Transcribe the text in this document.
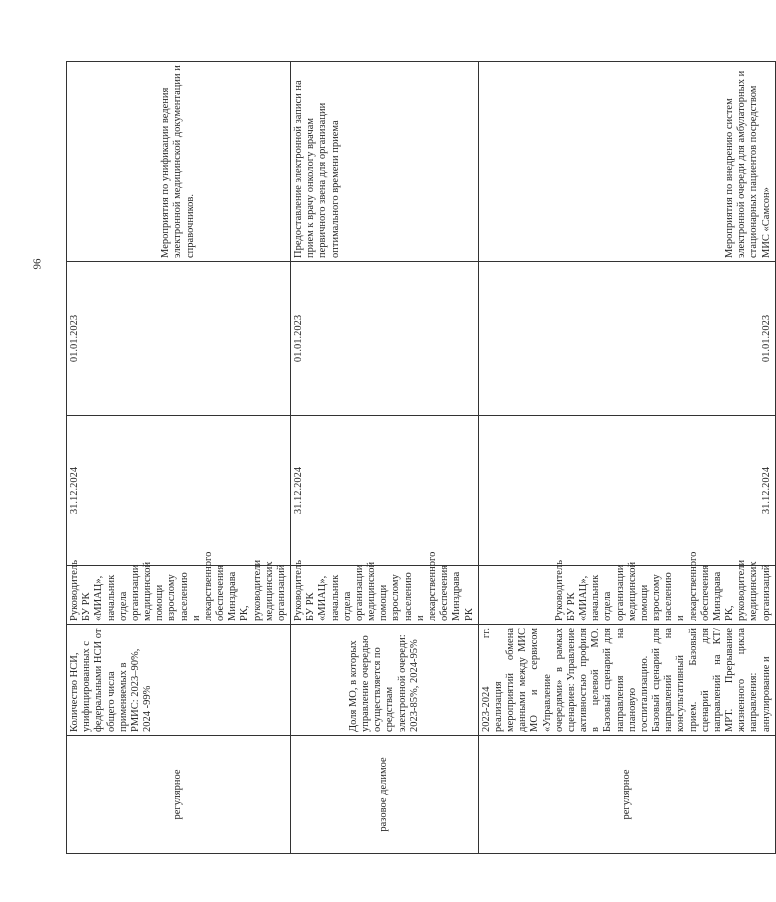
96
регулярное	Количество НСИ, унифицированных с федеральными НСИ от общего числа применяемых в РМИС: 2023–90%, 2024 -99%	Руководитель БУ РК «МИАЦ», начальник отдела организации медицинской помощи взрослому населению и лекарственного обеспечения Минздрава РК, руководители медицинских организаций	31.12.2024	01.01.2023	Мероприятия по унификации ведения электронной медицинской документации и справочников.	
разовое делимое	Доля МО, в которых управление очередью осуществляется по средствам электронной очереди: 2023-85%, 2024-95%	Руководитель БУ РК «МИАЦ», начальник отдела организации медицинской помощи взрослому населению и лекарственного обеспечения Минздрава РК	31.12.2024	01.01.2023	Предоставление электронной записи на прием к врачу онкологу врачам первичного звена для организации оптимального времени приема	
регулярное	2023-2024 гг. реализация мероприятий обмена данными между МИС МО и сервисом «Управление очередями» в рамках сценариев: Управление активностью профиля в целевой МО. Базовый сценарий для направления на плановую госпитализацию. Базовый сценарий для направлений на консультативный прием. Базовый сценарий для направлений на КТ/МРТ. Прерывание жизненного цикла направления: аннулирование и	Руководитель БУ РК «МИАЦ», начальник отдела организации медицинской помощи взрослому населению и лекарственного обеспечения Минздрава РК, руководители медицинских организаций	31.12.2024	01.01.2023	Мероприятия по внедрению систем электронной очереди для амбулаторных и стационарных пациентов посредством МИС «Самсон»	
